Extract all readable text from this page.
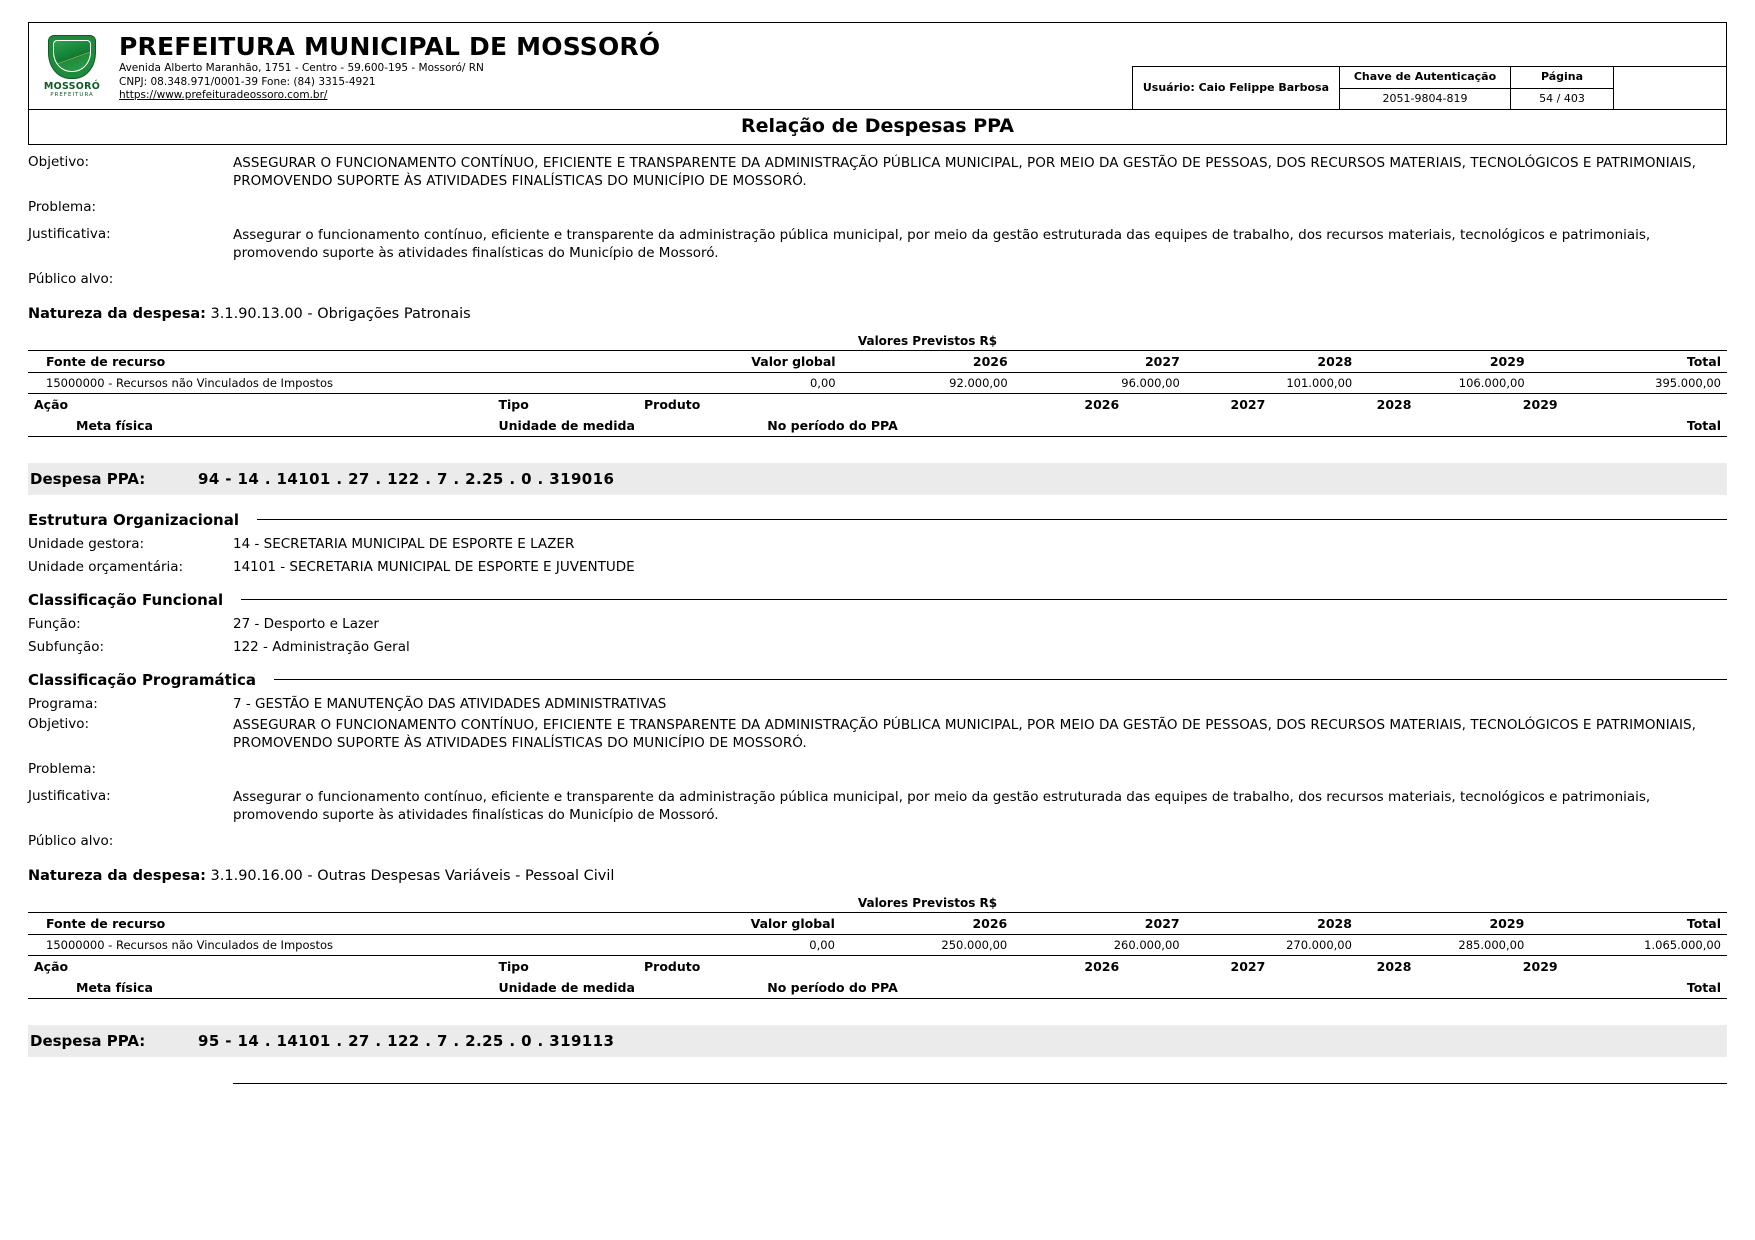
MOSSORÓ
PREFEITURA
PREFEITURA MUNICIPAL DE MOSSORÓ
Avenida Alberto Maranhão, 1751 - Centro - 59.600-195 - Mossoró/ RN
CNPJ: 08.348.971/0001-39 Fone: (84) 3315-4921
https://www.prefeituradeossoro.com.br/
Usuário: Caio Felippe Barbosa	Chave de Autenticação	Página	
	2051-9804-819	54 / 403	
Relação de Despesas PPA
Objetivo:	ASSEGURAR O FUNCIONAMENTO CONTÍNUO, EFICIENTE E TRANSPARENTE DA ADMINISTRAÇÃO PÚBLICA MUNICIPAL, POR MEIO DA GESTÃO DE PESSOAS, DOS RECURSOS MATERIAIS, TECNOLÓGICOS E PATRIMONIAIS, PROMOVENDO SUPORTE ÀS ATIVIDADES FINALÍSTICAS DO MUNICÍPIO DE MOSSORÓ.
Problema:
Justificativa:	Assegurar o funcionamento contínuo, eficiente e transparente da administração pública municipal, por meio da gestão estruturada das equipes de trabalho, dos recursos materiais, tecnológicos e patrimoniais, promovendo suporte às atividades finalísticas do Município de Mossoró.
Público alvo:
Natureza da despesa: 3.1.90.13.00 - Obrigações Patronais
Valores Previstos R$
Fonte de recurso	Valor global	2026	2027	2028	2029	Total
15000000 - Recursos não Vinculados de Impostos	0,00	92.000,00	96.000,00	101.000,00	106.000,00	395.000,00
Ação	Tipo	Produto		2026	2027	2028	2029	
Meta física	Unidade de medida		No período do PPA					Total
Despesa PPA:	94 - 14 . 14101 . 27 . 122 . 7 . 2.25 . 0 . 319016
Estrutura Organizacional
Unidade gestora:	14 - SECRETARIA MUNICIPAL DE ESPORTE E LAZER
Unidade orçamentária:	14101 - SECRETARIA MUNICIPAL DE ESPORTE E JUVENTUDE
Classificação Funcional
Função:	27 - Desporto e Lazer
Subfunção:	122 - Administração Geral
Classificação Programática
Programa:	7 - GESTÃO E MANUTENÇÃO DAS ATIVIDADES ADMINISTRATIVAS
Objetivo:	ASSEGURAR O FUNCIONAMENTO CONTÍNUO, EFICIENTE E TRANSPARENTE DA ADMINISTRAÇÃO PÚBLICA MUNICIPAL, POR MEIO DA GESTÃO DE PESSOAS, DOS RECURSOS MATERIAIS, TECNOLÓGICOS E PATRIMONIAIS, PROMOVENDO SUPORTE ÀS ATIVIDADES FINALÍSTICAS DO MUNICÍPIO DE MOSSORÓ.
Problema:
Justificativa:	Assegurar o funcionamento contínuo, eficiente e transparente da administração pública municipal, por meio da gestão estruturada das equipes de trabalho, dos recursos materiais, tecnológicos e patrimoniais, promovendo suporte às atividades finalísticas do Município de Mossoró.
Público alvo:
Natureza da despesa: 3.1.90.16.00 - Outras Despesas Variáveis - Pessoal Civil
Valores Previstos R$
Fonte de recurso	Valor global	2026	2027	2028	2029	Total
15000000 - Recursos não Vinculados de Impostos	0,00	250.000,00	260.000,00	270.000,00	285.000,00	1.065.000,00
Ação	Tipo	Produto		2026	2027	2028	2029	
Meta física	Unidade de medida		No período do PPA					Total
Despesa PPA:	95 - 14 . 14101 . 27 . 122 . 7 . 2.25 . 0 . 319113
